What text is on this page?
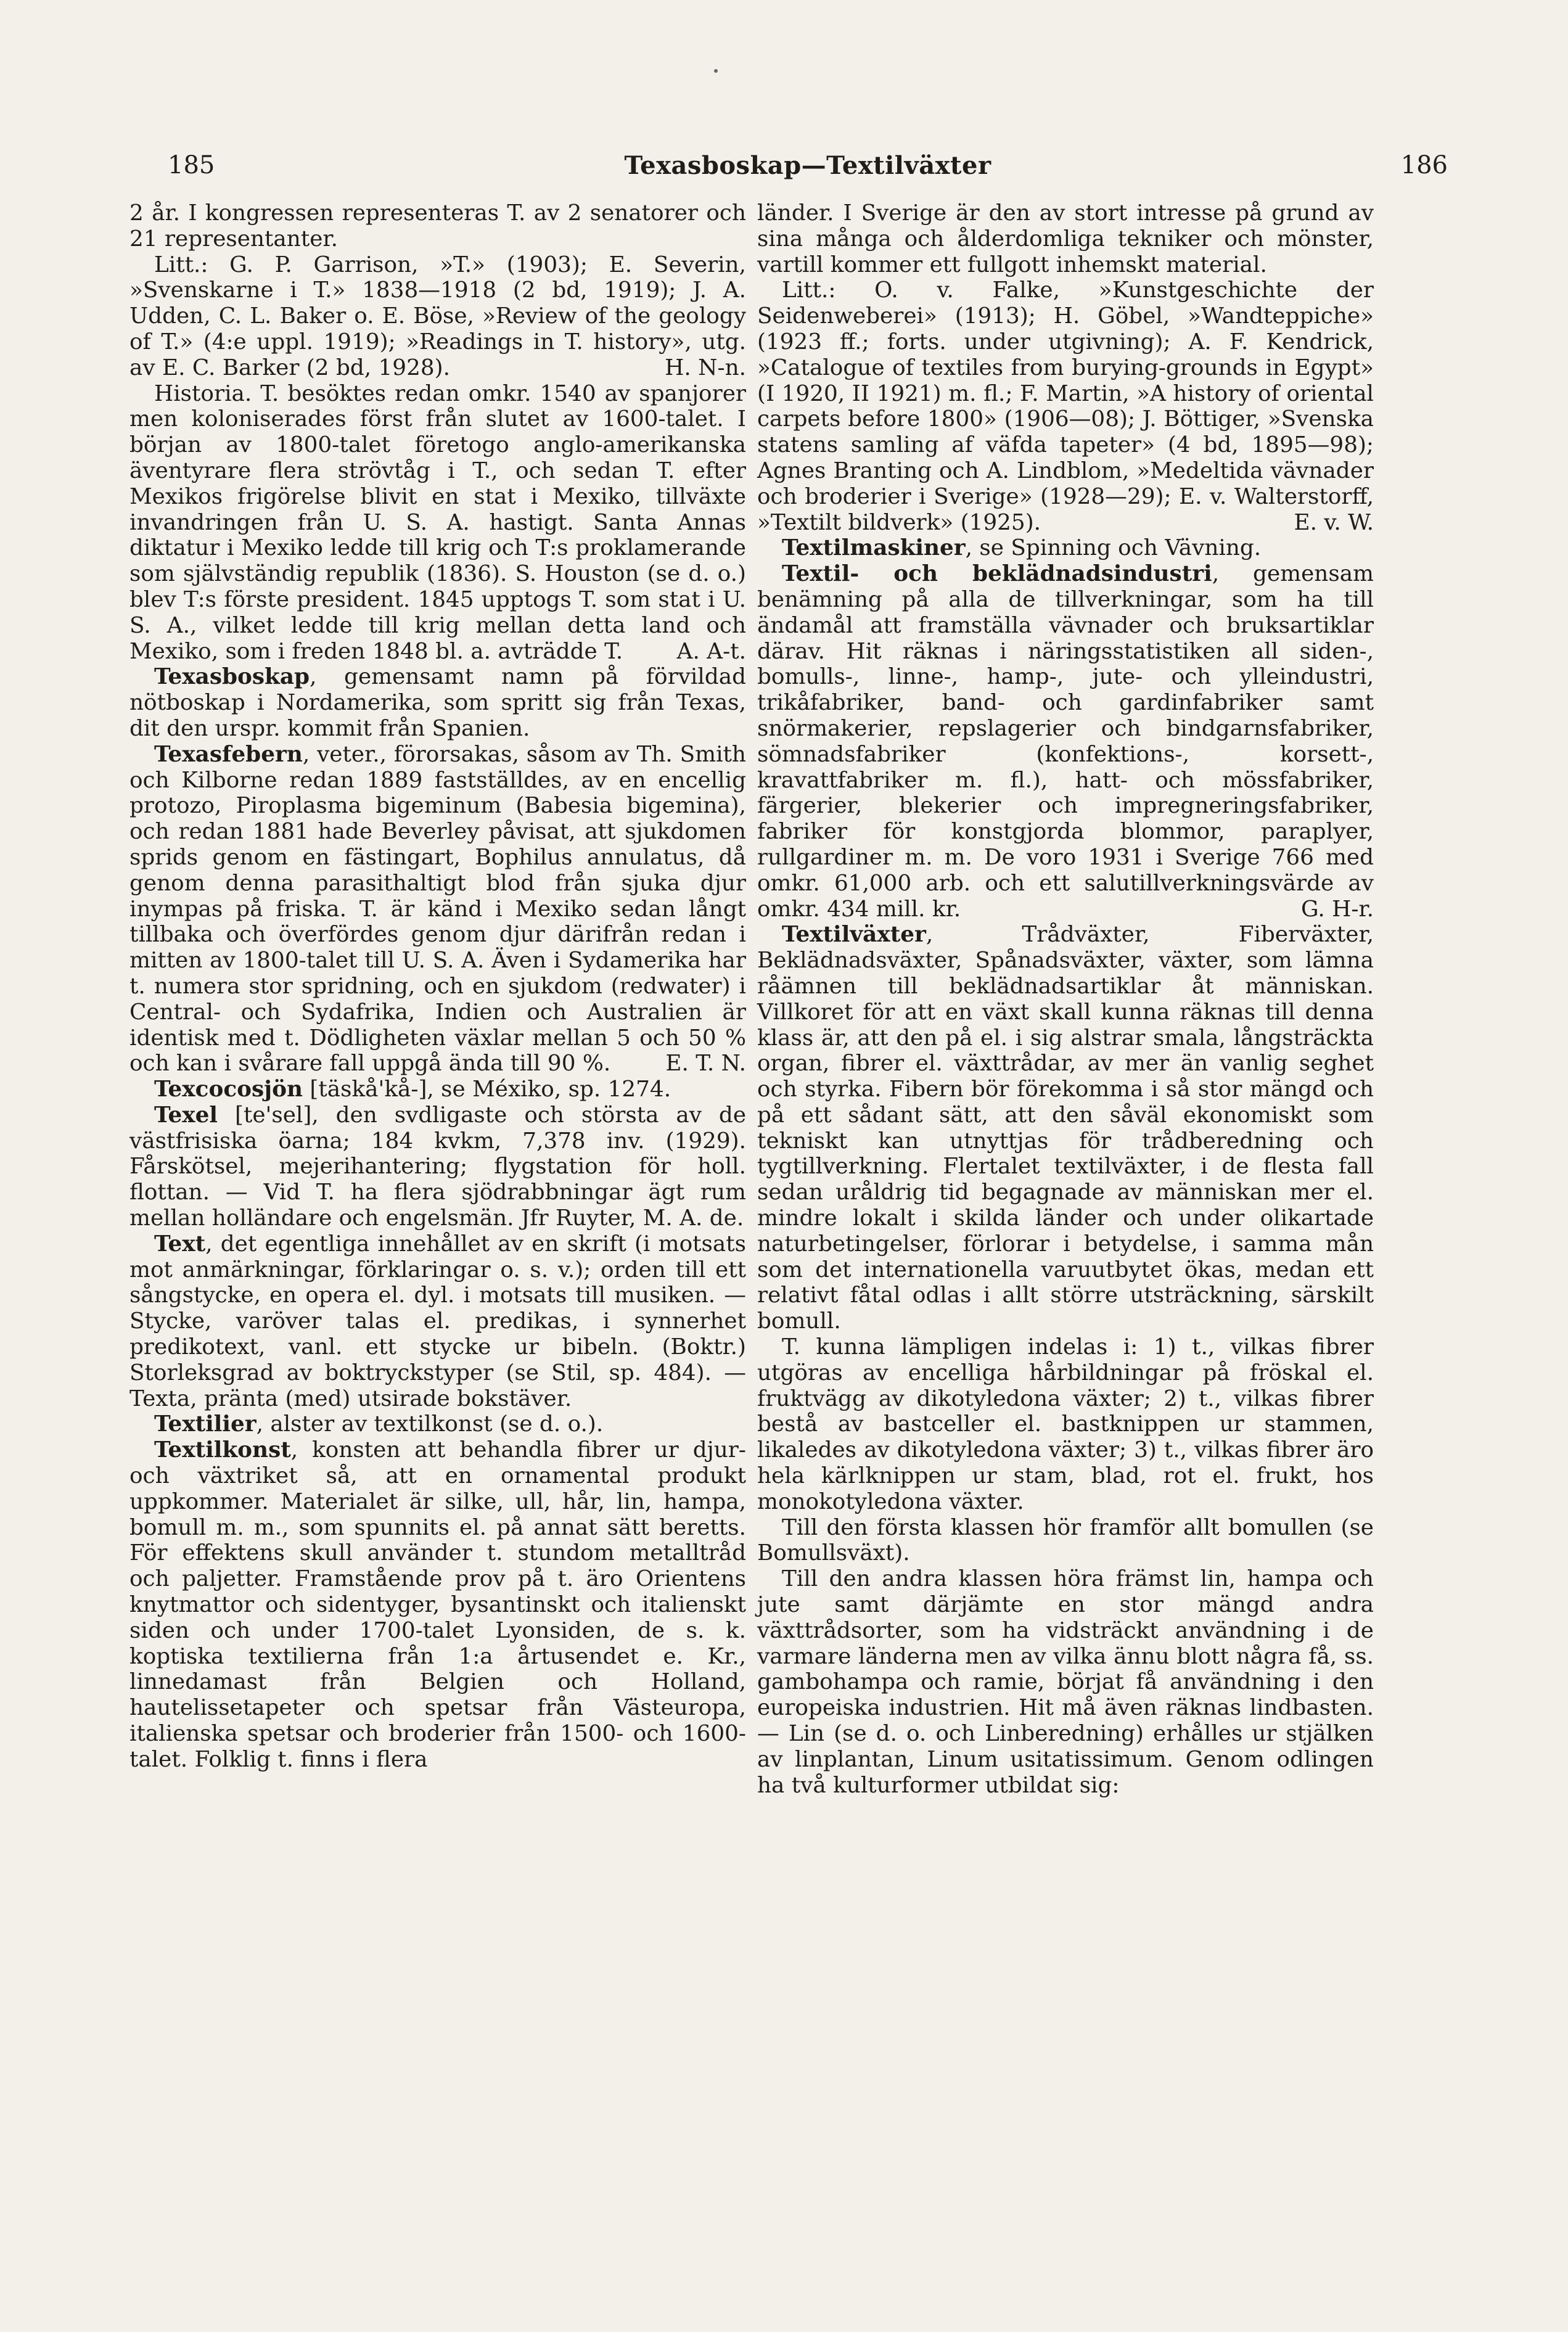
185	Texasboskap—Textilväxter	186

2 år. I kongressen representeras T. av 2 senatorer och 21 representanter.

Litt.: G. P. Garrison, »T.» (1903); E. Severin, »Svenskarne i T.» 1838—1918 (2 bd, 1919); J. A. Udden, C. L. Baker o. E. Böse, »Review of the geology of T.» (4:e uppl. 1919); »Readings in T. history», utg. av E. C. Barker (2 bd, 1928).	H. N-n.

Historia. T. besöktes redan omkr. 1540 av spanjorer men koloniserades först från slutet av 1600-talet. I början av 1800-talet företogo anglo-amerikanska äventyrare flera strövtåg i T., och sedan T. efter Mexikos frigörelse blivit en stat i Mexiko, tillväxte invandringen från U. S. A. hastigt. Santa Annas diktatur i Mexiko ledde till krig och T:s proklamerande som självständig republik (1836). S. Houston (se d. o.) blev T:s förste president. 1845 upptogs T. som stat i U. S. A., vilket ledde till krig mellan detta land och Mexiko, som i freden 1848 bl. a. avträdde T.	A. A-t.

Texasboskap, gemensamt namn på förvildad nötboskap i Nordamerika, som spritt sig från Texas, dit den urspr. kommit från Spanien.

Texasfebern, veter., förorsakas, såsom av Th. Smith och Kilborne redan 1889 fastställdes, av en encellig protozo, Piroplasma bigeminum (Babesia bigemina), och redan 1881 hade Beverley påvisat, att sjukdomen sprids genom en fästingart, Bophilus annulatus, då genom denna parasithaltigt blod från sjuka djur inympas på friska. T. är känd i Mexiko sedan långt tillbaka och överfördes genom djur därifrån redan i mitten av 1800-talet till U. S. A. Även i Sydamerika har t. numera stor spridning, och en sjukdom (redwater) i Central- och Sydafrika, Indien och Australien är identisk med t. Dödligheten växlar mellan 5 och 50 % och kan i svårare fall uppgå ända till 90 %.	E. T. N.

Texcocosjön [täskå'kå-], se Méxiko, sp. 1274.

Texel [te'sel], den svdligaste och största av de västfrisiska öarna; 184 kvkm, 7,378 inv. (1929). Fårskötsel, mejerihantering; flygstation för holl. flottan. — Vid T. ha flera sjödrabbningar ägt rum mellan holländare och engelsmän. Jfr Ruyter, M. A. de.

Text, det egentliga innehållet av en skrift (i motsats mot anmärkningar, förklaringar o. s. v.); orden till ett sångstycke, en opera el. dyl. i motsats till musiken. — Stycke, varöver talas el. predikas, i synnerhet predikotext, vanl. ett stycke ur bibeln. (Boktr.) Storleksgrad av boktryckstyper (se Stil, sp. 484). — Texta, pränta (med) utsirade bokstäver.

Textilier, alster av textilkonst (se d. o.).

Textilkonst, konsten att behandla fibrer ur djur- och växtriket så, att en ornamental produkt uppkommer. Materialet är silke, ull, hår, lin, hampa, bomull m. m., som spunnits el. på annat sätt beretts. För effektens skull använder t. stundom metalltråd och paljetter. Framstående prov på t. äro Orientens knytmattor och sidentyger, bysantinskt och italienskt siden och under 1700-talet Lyonsiden, de s. k. koptiska textilierna från 1:a årtusendet e. Kr., linnedamast från Belgien och Holland, hautelissetapeter och spetsar från Västeuropa, italienska spetsar och broderier från 1500- och 1600-talet. Folklig t. finns i flera

länder. I Sverige är den av stort intresse på grund av sina många och ålderdomliga tekniker och mönster, vartill kommer ett fullgott inhemskt material.

Litt.: O. v. Falke, »Kunstgeschichte der Seidenweberei» (1913); H. Göbel, »Wandteppiche» (1923 ff.; forts. under utgivning); A. F. Kendrick, »Catalogue of textiles from burying-grounds in Egypt» (I 1920, II 1921) m. fl.; F. Martin, »A history of oriental carpets before 1800» (1906—08); J. Böttiger, »Svenska statens samling af väfda tapeter» (4 bd, 1895—98); Agnes Branting och A. Lindblom, »Medeltida vävnader och broderier i Sverige» (1928—29); E. v. Walterstorff, »Textilt bildverk» (1925).	E. v. W.

Textilmaskiner, se Spinning och Vävning.

Textil- och beklädnadsindustri, gemensam benämning på alla de tillverkningar, som ha till ändamål att framställa vävnader och bruksartiklar därav. Hit räknas i näringsstatistiken all siden-, bomulls-, linne-, hamp-, jute- och ylleindustri, trikåfabriker, band- och gardinfabriker samt snörmakerier, repslagerier och bindgarnsfabriker, sömnadsfabriker (konfektions-, korsett-, kravattfabriker m. fl.), hatt- och mössfabriker, färgerier, blekerier och impregneringsfabriker, fabriker för konstgjorda blommor, paraplyer, rullgardiner m. m. De voro 1931 i Sverige 766 med omkr. 61,000 arb. och ett salutillverkningsvärde av omkr. 434 mill. kr.	G. H-r.

Textilväxter, Trådväxter, Fiberväxter, Beklädnadsväxter, Spånadsväxter, växter, som lämna råämnen till beklädnadsartiklar åt människan. Villkoret för att en växt skall kunna räknas till denna klass är, att den på el. i sig alstrar smala, långsträckta organ, fibrer el. växttrådar, av mer än vanlig seghet och styrka. Fibern bör förekomma i så stor mängd och på ett sådant sätt, att den såväl ekonomiskt som tekniskt kan utnyttjas för trådberedning och tygtillverkning. Flertalet textilväxter, i de flesta fall sedan uråldrig tid begagnade av människan mer el. mindre lokalt i skilda länder och under olikartade naturbetingelser, förlorar i betydelse, i samma mån som det internationella varuutbytet ökas, medan ett relativt fåtal odlas i allt större utsträckning, särskilt bomull.

T. kunna lämpligen indelas i: 1) t., vilkas fibrer utgöras av encelliga hårbildningar på fröskal el. fruktvägg av dikotyledona växter; 2) t., vilkas fibrer bestå av bastceller el. bastknippen ur stammen, likaledes av dikotyledona växter; 3) t., vilkas fibrer äro hela kärlknippen ur stam, blad, rot el. frukt, hos monokotyledona växter.

Till den första klassen hör framför allt bomullen (se Bomullsväxt).

Till den andra klassen höra främst lin, hampa och jute samt därjämte en stor mängd andra växttrådsorter, som ha vidsträckt användning i de varmare länderna men av vilka ännu blott några få, ss. gambohampa och ramie, börjat få användning i den europeiska industrien. Hit må även räknas lindbasten. — Lin (se d. o. och Linberedning) erhålles ur stjälken av linplantan, Linum usitatissimum. Genom odlingen ha två kulturformer utbildat sig:
